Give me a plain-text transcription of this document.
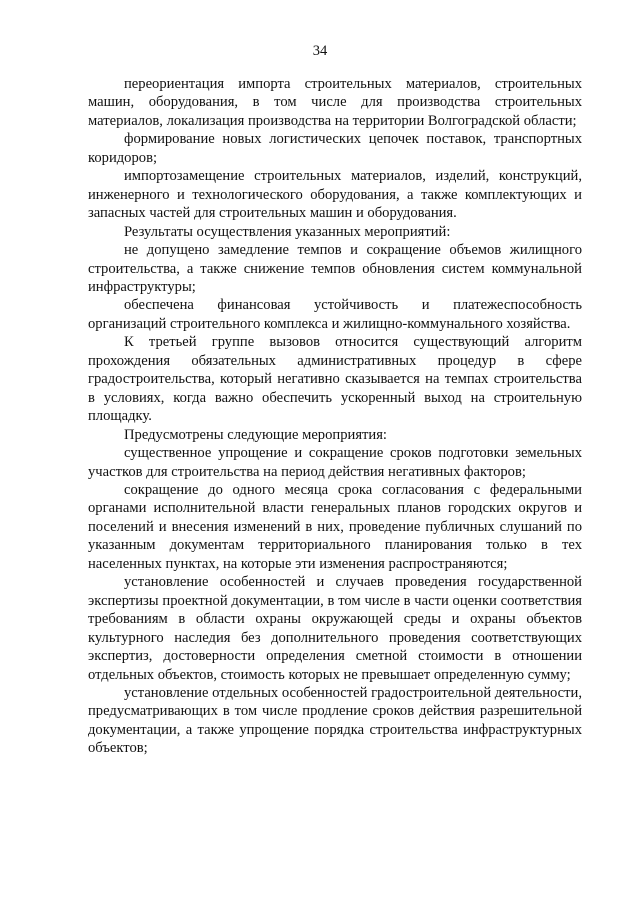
34

переориентация импорта строительных материалов, строительных машин, оборудования, в том числе для производства строительных материалов, локализация производства на территории Волгоградской области;

формирование новых логистических цепочек поставок, транспортных коридоров;

импортозамещение строительных материалов, изделий, конструкций, инженерного и технологического оборудования, а также комплектующих и запасных частей для строительных машин и оборудования.

Результаты осуществления указанных мероприятий:

не допущено замедление темпов и сокращение объемов жилищного строительства, а также снижение темпов обновления систем коммунальной инфраструктуры;

обеспечена финансовая устойчивость и платежеспособность организаций строительного комплекса и жилищно-коммунального хозяйства.

К третьей группе вызовов относится существующий алгоритм прохождения обязательных административных процедур в сфере градостроительства, который негативно сказывается на темпах строительства в условиях, когда важно обеспечить ускоренный выход на строительную площадку.

Предусмотрены следующие мероприятия:

существенное упрощение и сокращение сроков подготовки земельных участков для строительства на период действия негативных факторов;

сокращение до одного месяца срока согласования с федеральными органами исполнительной власти генеральных планов городских округов и поселений и внесения изменений в них, проведение публичных слушаний по указанным документам территориального планирования только в тех населенных пунктах, на которые эти изменения распространяются;

установление особенностей и случаев проведения государственной экспертизы проектной документации, в том числе в части оценки соответствия требованиям в области охраны окружающей среды и охраны объектов культурного наследия без дополнительного проведения соответствующих экспертиз, достоверности определения сметной стоимости в отношении отдельных объектов, стоимость которых не превышает определенную сумму;

установление отдельных особенностей градостроительной деятельности, предусматривающих в том числе продление сроков действия разрешительной документации, а также упрощение порядка строительства инфраструктурных объектов;
